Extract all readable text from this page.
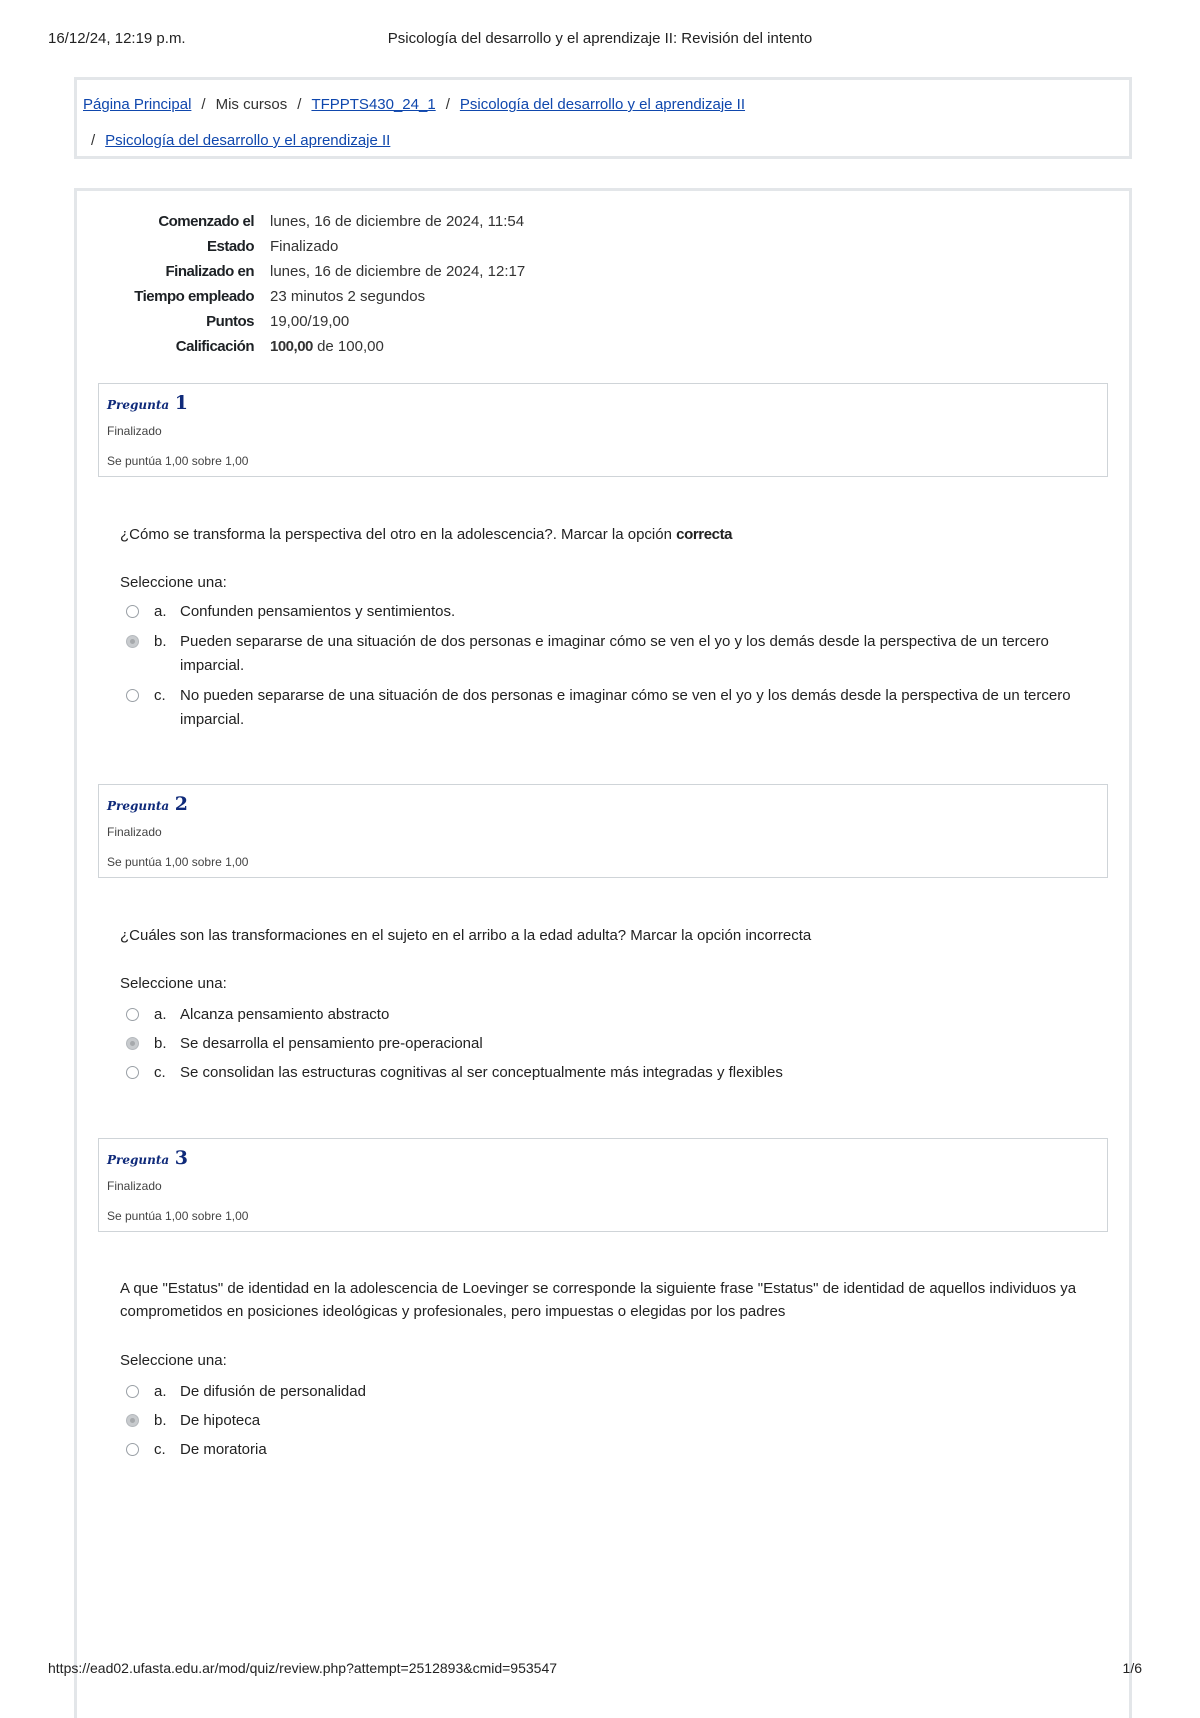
16/12/24, 12:19 p.m.	Psicología del desarrollo y el aprendizaje II: Revisión del intento
Página Principal / Mis cursos / TFPPTS430_24_1 / Psicología del desarrollo y el aprendizaje II
/ Psicología del desarrollo y el aprendizaje II
Comenzado el lunes, 16 de diciembre de 2024, 11:54
Estado Finalizado
Finalizado en lunes, 16 de diciembre de 2024, 12:17
Tiempo empleado 23 minutos 2 segundos
Puntos 19,00/19,00
Calificación 100,00 de 100,00
Pregunta 1
Finalizado
Se puntúa 1,00 sobre 1,00
¿Cómo se transforma la perspectiva del otro en la adolescencia?. Marcar la opción correcta
Seleccione una:
a. Confunden pensamientos y sentimientos.
b. Pueden separarse de una situación de dos personas e imaginar cómo se ven el yo y los demás desde la perspectiva de un tercero imparcial.
c. No pueden separarse de una situación de dos personas e imaginar cómo se ven el yo y los demás desde la perspectiva de un tercero imparcial.
Pregunta 2
Finalizado
Se puntúa 1,00 sobre 1,00
¿Cuáles son las transformaciones en el sujeto en el arribo a la edad adulta? Marcar la opción incorrecta
Seleccione una:
a. Alcanza pensamiento abstracto
b. Se desarrolla el pensamiento pre-operacional
c. Se consolidan las estructuras cognitivas al ser conceptualmente más integradas y flexibles
Pregunta 3
Finalizado
Se puntúa 1,00 sobre 1,00
A que "Estatus" de identidad en la adolescencia de Loevinger se corresponde la siguiente frase "Estatus" de identidad de aquellos individuos ya comprometidos en posiciones ideológicas y profesionales, pero impuestas o elegidas por los padres
Seleccione una:
a. De difusión de personalidad
b. De hipoteca
c. De moratoria
https://ead02.ufasta.edu.ar/mod/quiz/review.php?attempt=2512893&cmid=953547	1/6
